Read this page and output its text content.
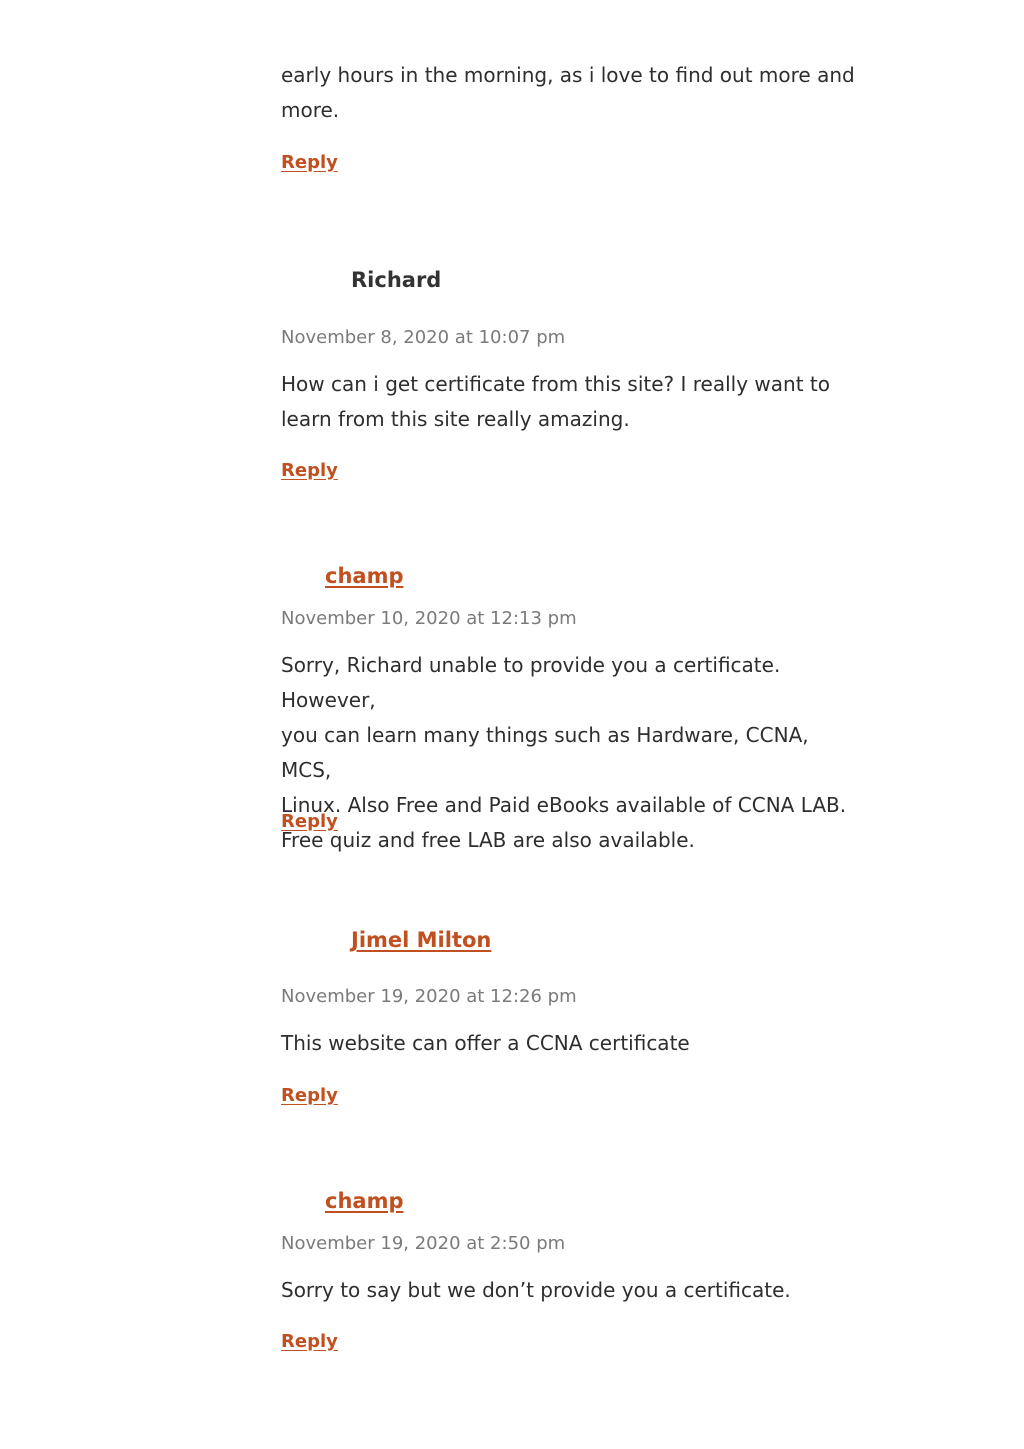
early hours in the morning, as i love to find out more and

more.

Reply

Richard

November 8, 2020 at 10:07 pm

How can i get certificate from this site? I really want to

learn from this site really amazing.

Reply

champ

November 10, 2020 at 12:13 pm

Sorry, Richard unable to provide you a certificate. However,

you can learn many things such as Hardware, CCNA, MCS,

Linux. Also Free and Paid eBooks available of CCNA LAB.

Free quiz and free LAB are also available.

Reply

Jimel Milton

November 19, 2020 at 12:26 pm

This website can offer a CCNA certificate

Reply

champ

November 19, 2020 at 2:50 pm

Sorry to say but we don’t provide you a certificate.

Reply
